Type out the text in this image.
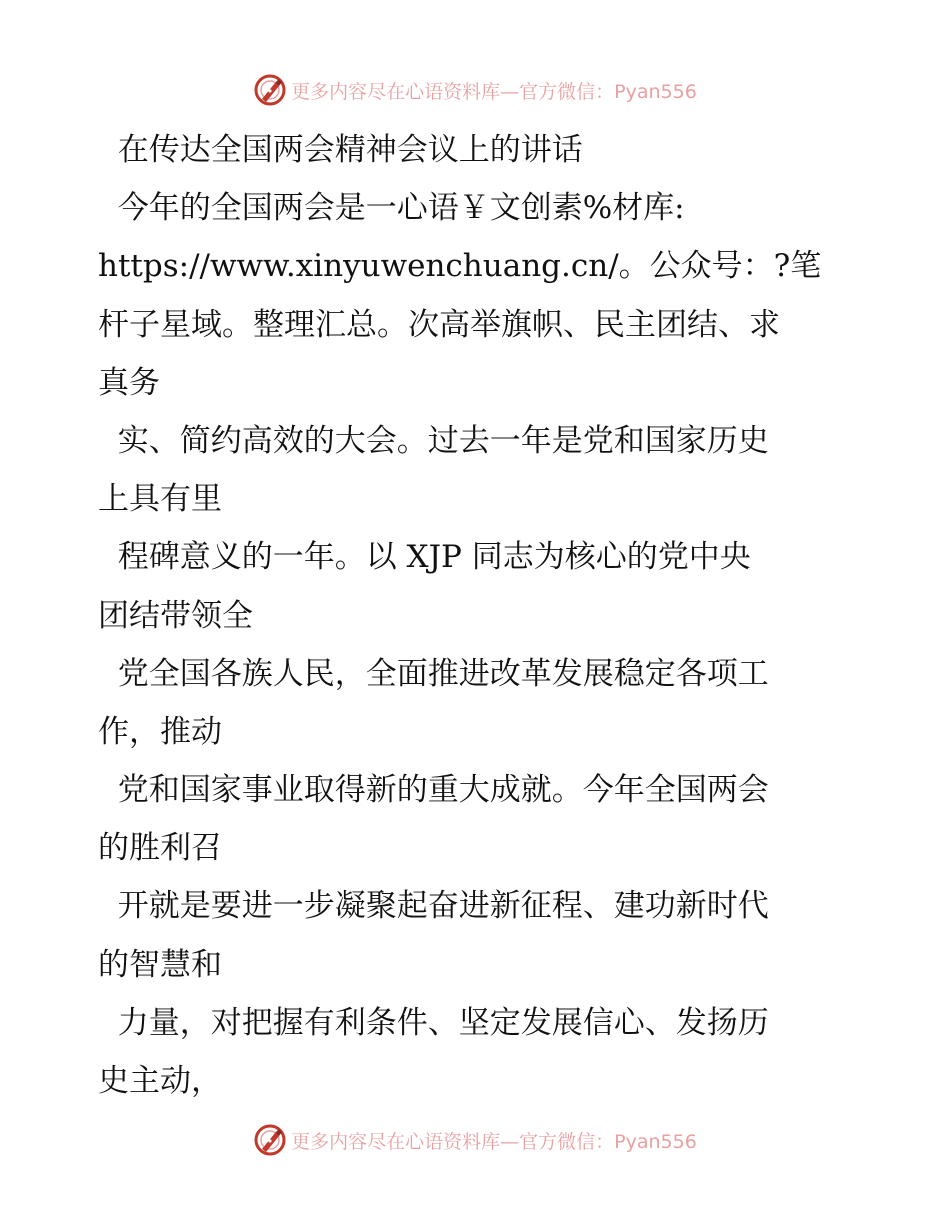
更多内容尽在心语资料库—官方微信：Pyan556
在传达全国两会精神会议上的讲话
今年的全国两会是一心语￥文创素%材库:
https://www.xinyuwenchuang.cn/。公众号：?笔
杆子星域。整理汇总。次高举旗帜、民主团结、求
真务
实、简约高效的大会。过去一年是党和国家历史
上具有里
程碑意义的一年。以 XJP 同志为核心的党中央
团结带领全
党全国各族人民，全面推进改革发展稳定各项工
作，推动
党和国家事业取得新的重大成就。今年全国两会
的胜利召
开就是要进一步凝聚起奋进新征程、建功新时代
的智慧和
力量，对把握有利条件、坚定发展信心、发扬历
史主动，
更多内容尽在心语资料库—官方微信：Pyan556
